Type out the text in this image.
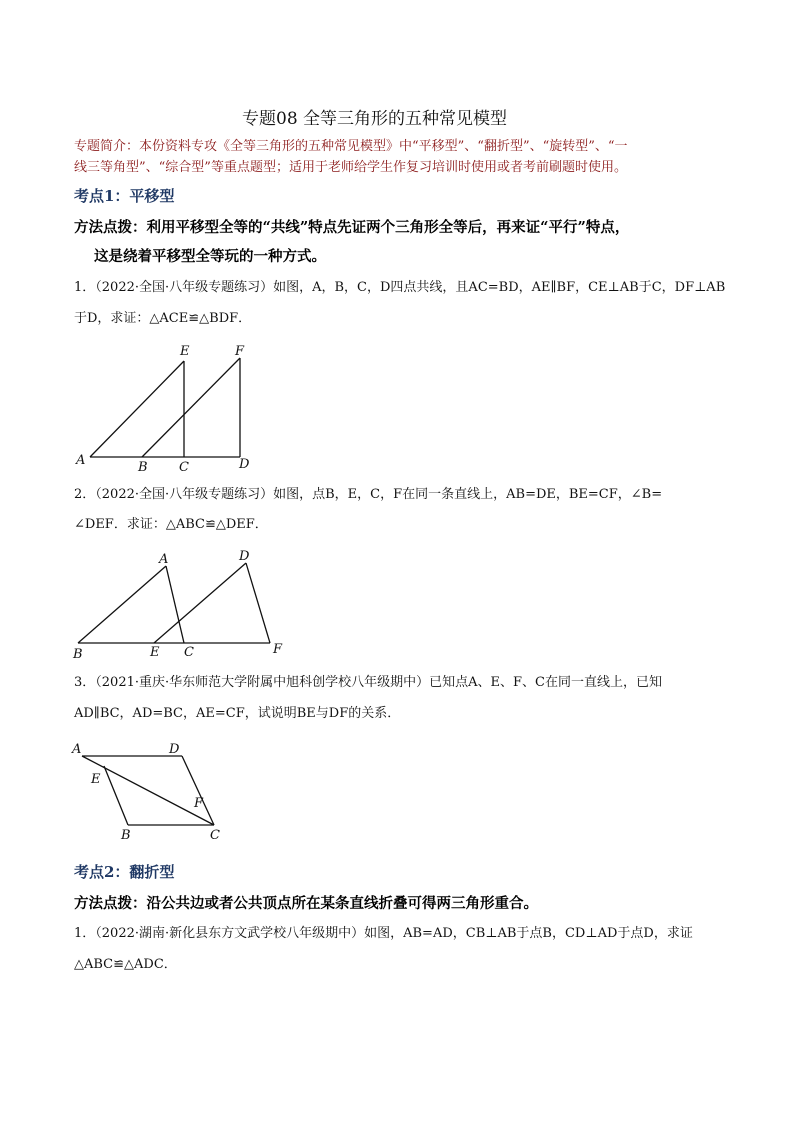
专题08 全等三角形的五种常见模型
专题简介：本份资料专攻《全等三角形的五种常见模型》中“平移型”、“翻折型”、“旋转型”、“一
线三等角型”、“综合型”等重点题型；适用于老师给学生作复习培训时使用或者考前刷题时使用。
考点1：平移型
方法点拨：利用平移型全等的“共线”特点先证两个三角形全等后，再来证“平行”特点，
这是绕着平移型全等玩的一种方式。
1．（2022·全国·八年级专题练习）如图，A，B，C，D四点共线，且AC=BD，AE∥BF，CE⊥AB于C，DF⊥AB
于D，求证：△ACE≌△BDF．
A	B C	D
E	F
2．（2022·全国·八年级专题练习）如图，点B，E，C，F在同一条直线上，AB=DE，BE=CF，∠B=
∠DEF．求证：△ABC≌△DEF．
A
B	C
D
E	F
3．（2021·重庆·华东师范大学附属中旭科创学校八年级期中）已知点A、E、F、C在同一直线上，已知
AD∥BC，AD=BC，AE=CF，试说明BE与DF的关系．
A
B	C
D
E
F
考点2：翻折型
方法点拨：沿公共边或者公共顶点所在某条直线折叠可得两三角形重合。
1．（2022·湖南·新化县东方文武学校八年级期中）如图，AB=AD，CB⊥AB于点B，CD⊥AD于点D，求证
△ABC≌△ADC．
